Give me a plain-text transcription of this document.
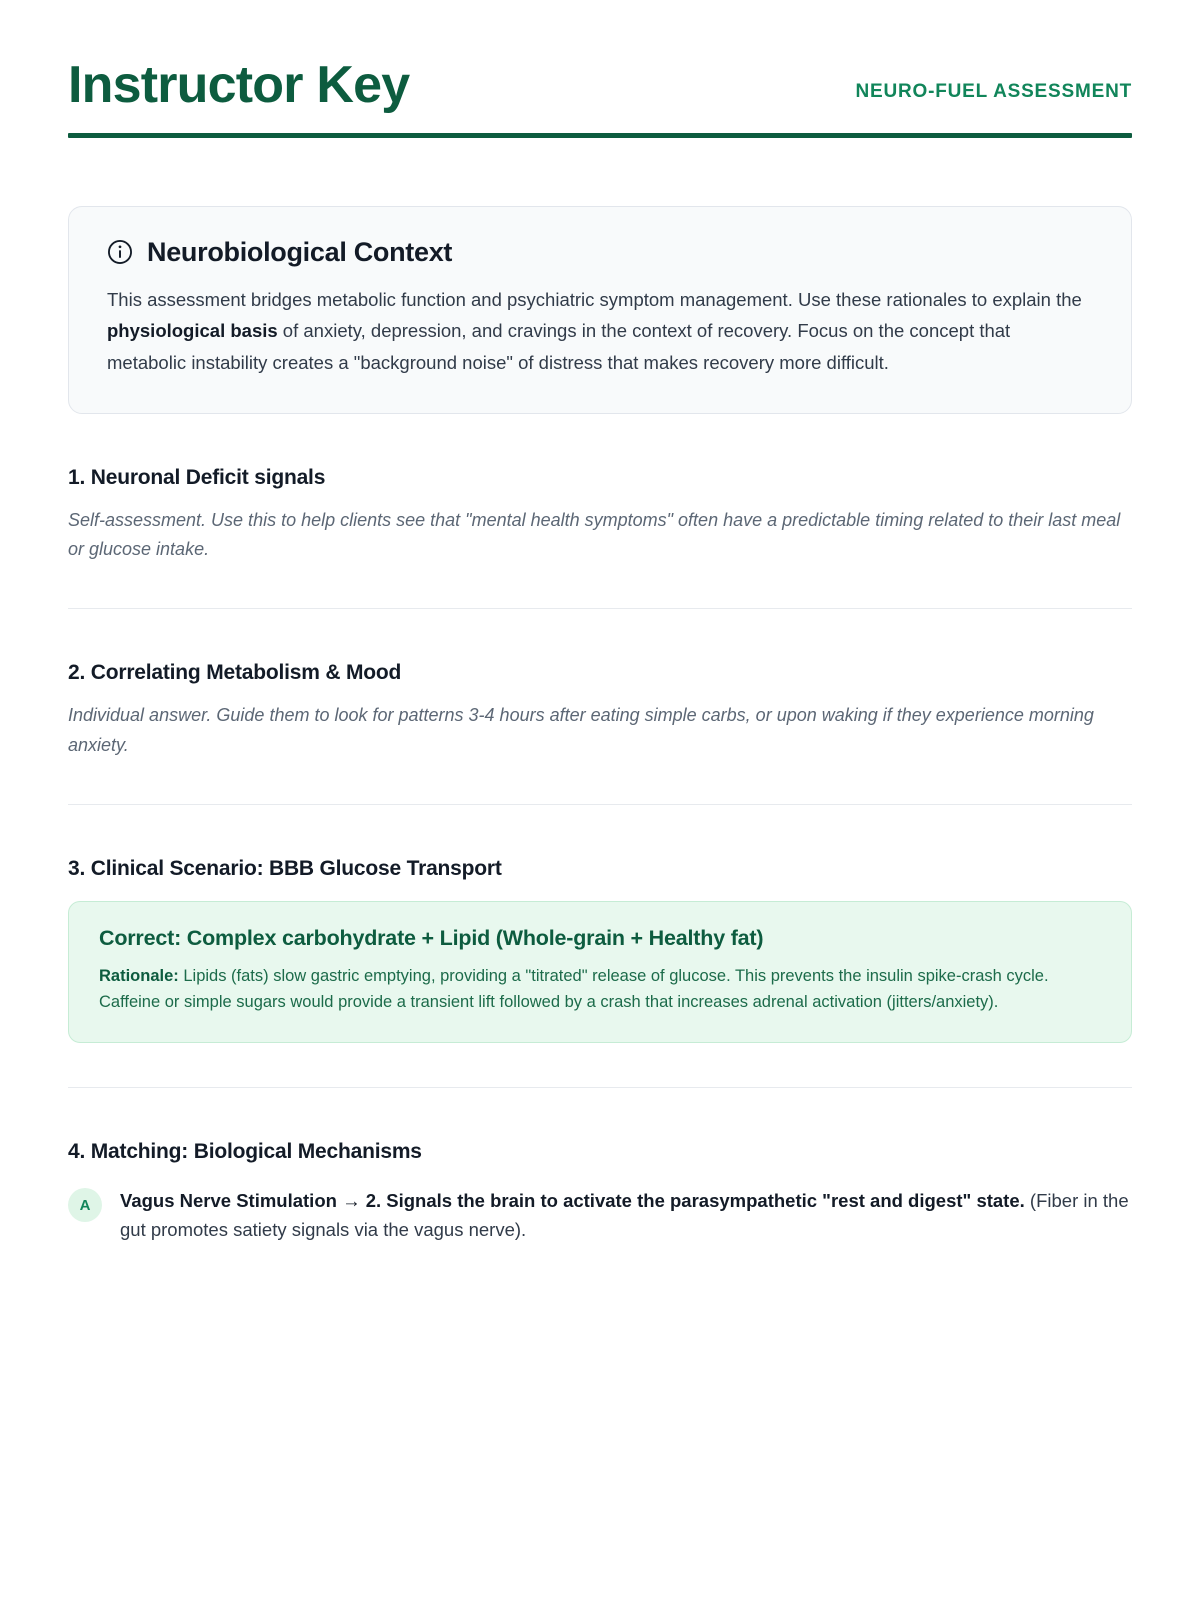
Instructor Key	NEURO-FUEL ASSESSMENT
Neurobiological Context
This assessment bridges metabolic function and psychiatric symptom management. Use these rationales to explain the physiological basis of anxiety, depression, and cravings in the context of recovery. Focus on the concept that metabolic instability creates a "background noise" of distress that makes recovery more difficult.
1. Neuronal Deficit signals
Self-assessment. Use this to help clients see that "mental health symptoms" often have a predictable timing related to their last meal or glucose intake.
2. Correlating Metabolism & Mood
Individual answer. Guide them to look for patterns 3-4 hours after eating simple carbs, or upon waking if they experience morning anxiety.
3. Clinical Scenario: BBB Glucose Transport
Correct: Complex carbohydrate + Lipid (Whole-grain + Healthy fat)
Rationale: Lipids (fats) slow gastric emptying, providing a "titrated" release of glucose. This prevents the insulin spike-crash cycle. Caffeine or simple sugars would provide a transient lift followed by a crash that increases adrenal activation (jitters/anxiety).
4. Matching: Biological Mechanisms
A	Vagus Nerve Stimulation → 2. Signals the brain to activate the parasympathetic "rest and digest" state. (Fiber in the gut promotes satiety signals via the vagus nerve).
